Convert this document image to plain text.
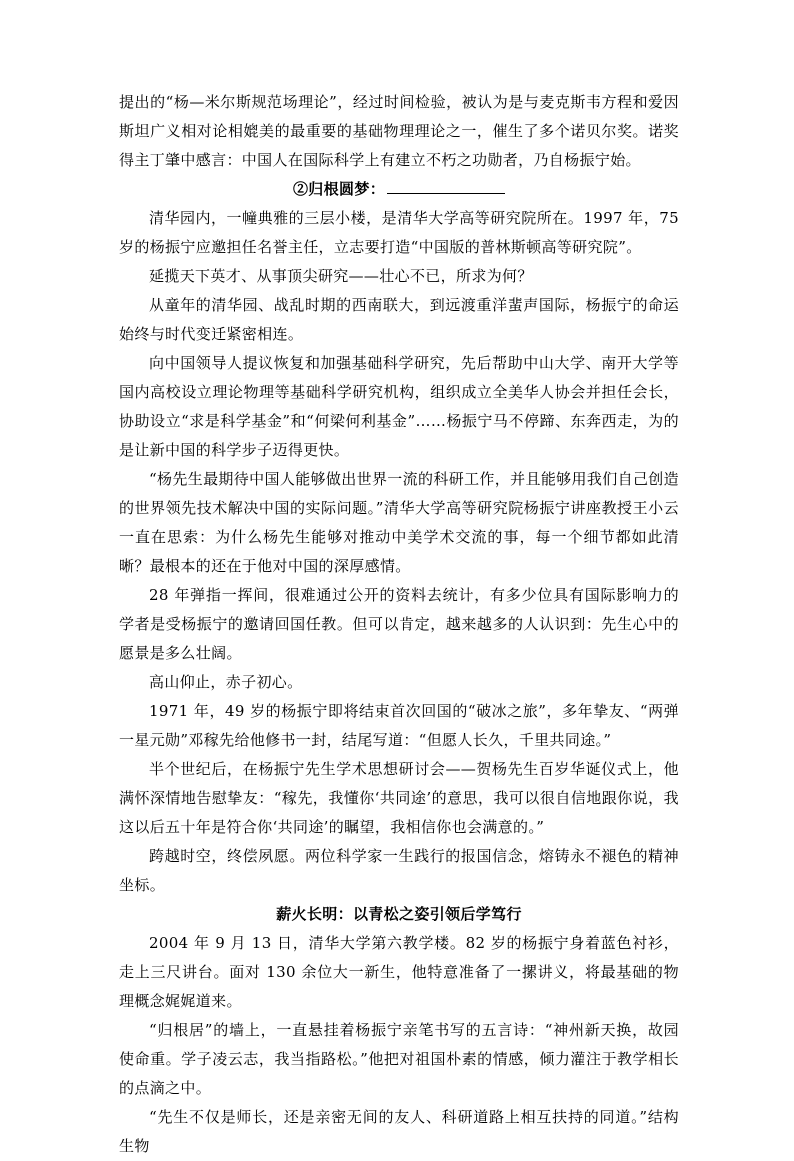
提出的“杨—米尔斯规范场理论”，经过时间检验，被认为是与麦克斯韦方程和爱因斯坦广义相对论相媲美的最重要的基础物理理论之一，催生了多个诺贝尔奖。诺奖得主丁肇中感言：中国人在国际科学上有建立不朽之功勋者，乃自杨振宁始。

②归根圆梦：

清华园内，一幢典雅的三层小楼，是清华大学高等研究院所在。1997 年，75 岁的杨振宁应邀担任名誉主任，立志要打造“中国版的普林斯顿高等研究院”。

延揽天下英才、从事顶尖研究——壮心不已，所求为何？

从童年的清华园、战乱时期的西南联大，到远渡重洋蜚声国际，杨振宁的命运始终与时代变迁紧密相连。

向中国领导人提议恢复和加强基础科学研究，先后帮助中山大学、南开大学等国内高校设立理论物理等基础科学研究机构，组织成立全美华人协会并担任会长，协助设立“求是科学基金”和“何梁何利基金”……杨振宁马不停蹄、东奔西走，为的是让新中国的科学步子迈得更快。

“杨先生最期待中国人能够做出世界一流的科研工作，并且能够用我们自己创造的世界领先技术解决中国的实际问题。”清华大学高等研究院杨振宁讲座教授王小云一直在思索：为什么杨先生能够对推动中美学术交流的事，每一个细节都如此清晰？最根本的还在于他对中国的深厚感情。

28 年弹指一挥间，很难通过公开的资料去统计，有多少位具有国际影响力的学者是受杨振宁的邀请回国任教。但可以肯定，越来越多的人认识到：先生心中的愿景是多么壮阔。

高山仰止，赤子初心。

1971 年，49 岁的杨振宁即将结束首次回国的“破冰之旅”，多年挚友、“两弹一星元勋”邓稼先给他修书一封，结尾写道：“但愿人长久，千里共同途。”

半个世纪后，在杨振宁先生学术思想研讨会——贺杨先生百岁华诞仪式上，他满怀深情地告慰挚友：“稼先，我懂你‘共同途’的意思，我可以很自信地跟你说，我这以后五十年是符合你‘共同途’的瞩望，我相信你也会满意的。”

跨越时空，终偿夙愿。两位科学家一生践行的报国信念，熔铸永不褪色的精神坐标。

薪火长明：以青松之姿引领后学笃行

2004 年 9 月 13 日，清华大学第六教学楼。82 岁的杨振宁身着蓝色衬衫，走上三尺讲台。面对 130 余位大一新生，他特意准备了一摞讲义，将最基础的物理概念娓娓道来。

“归根居”的墙上，一直悬挂着杨振宁亲笔书写的五言诗：“神州新天换，故园使命重。学子凌云志，我当指路松。”他把对祖国朴素的情感，倾力灌注于教学相长的点滴之中。

“先生不仅是师长，还是亲密无间的友人、科研道路上相互扶持的同道。”结构生物
